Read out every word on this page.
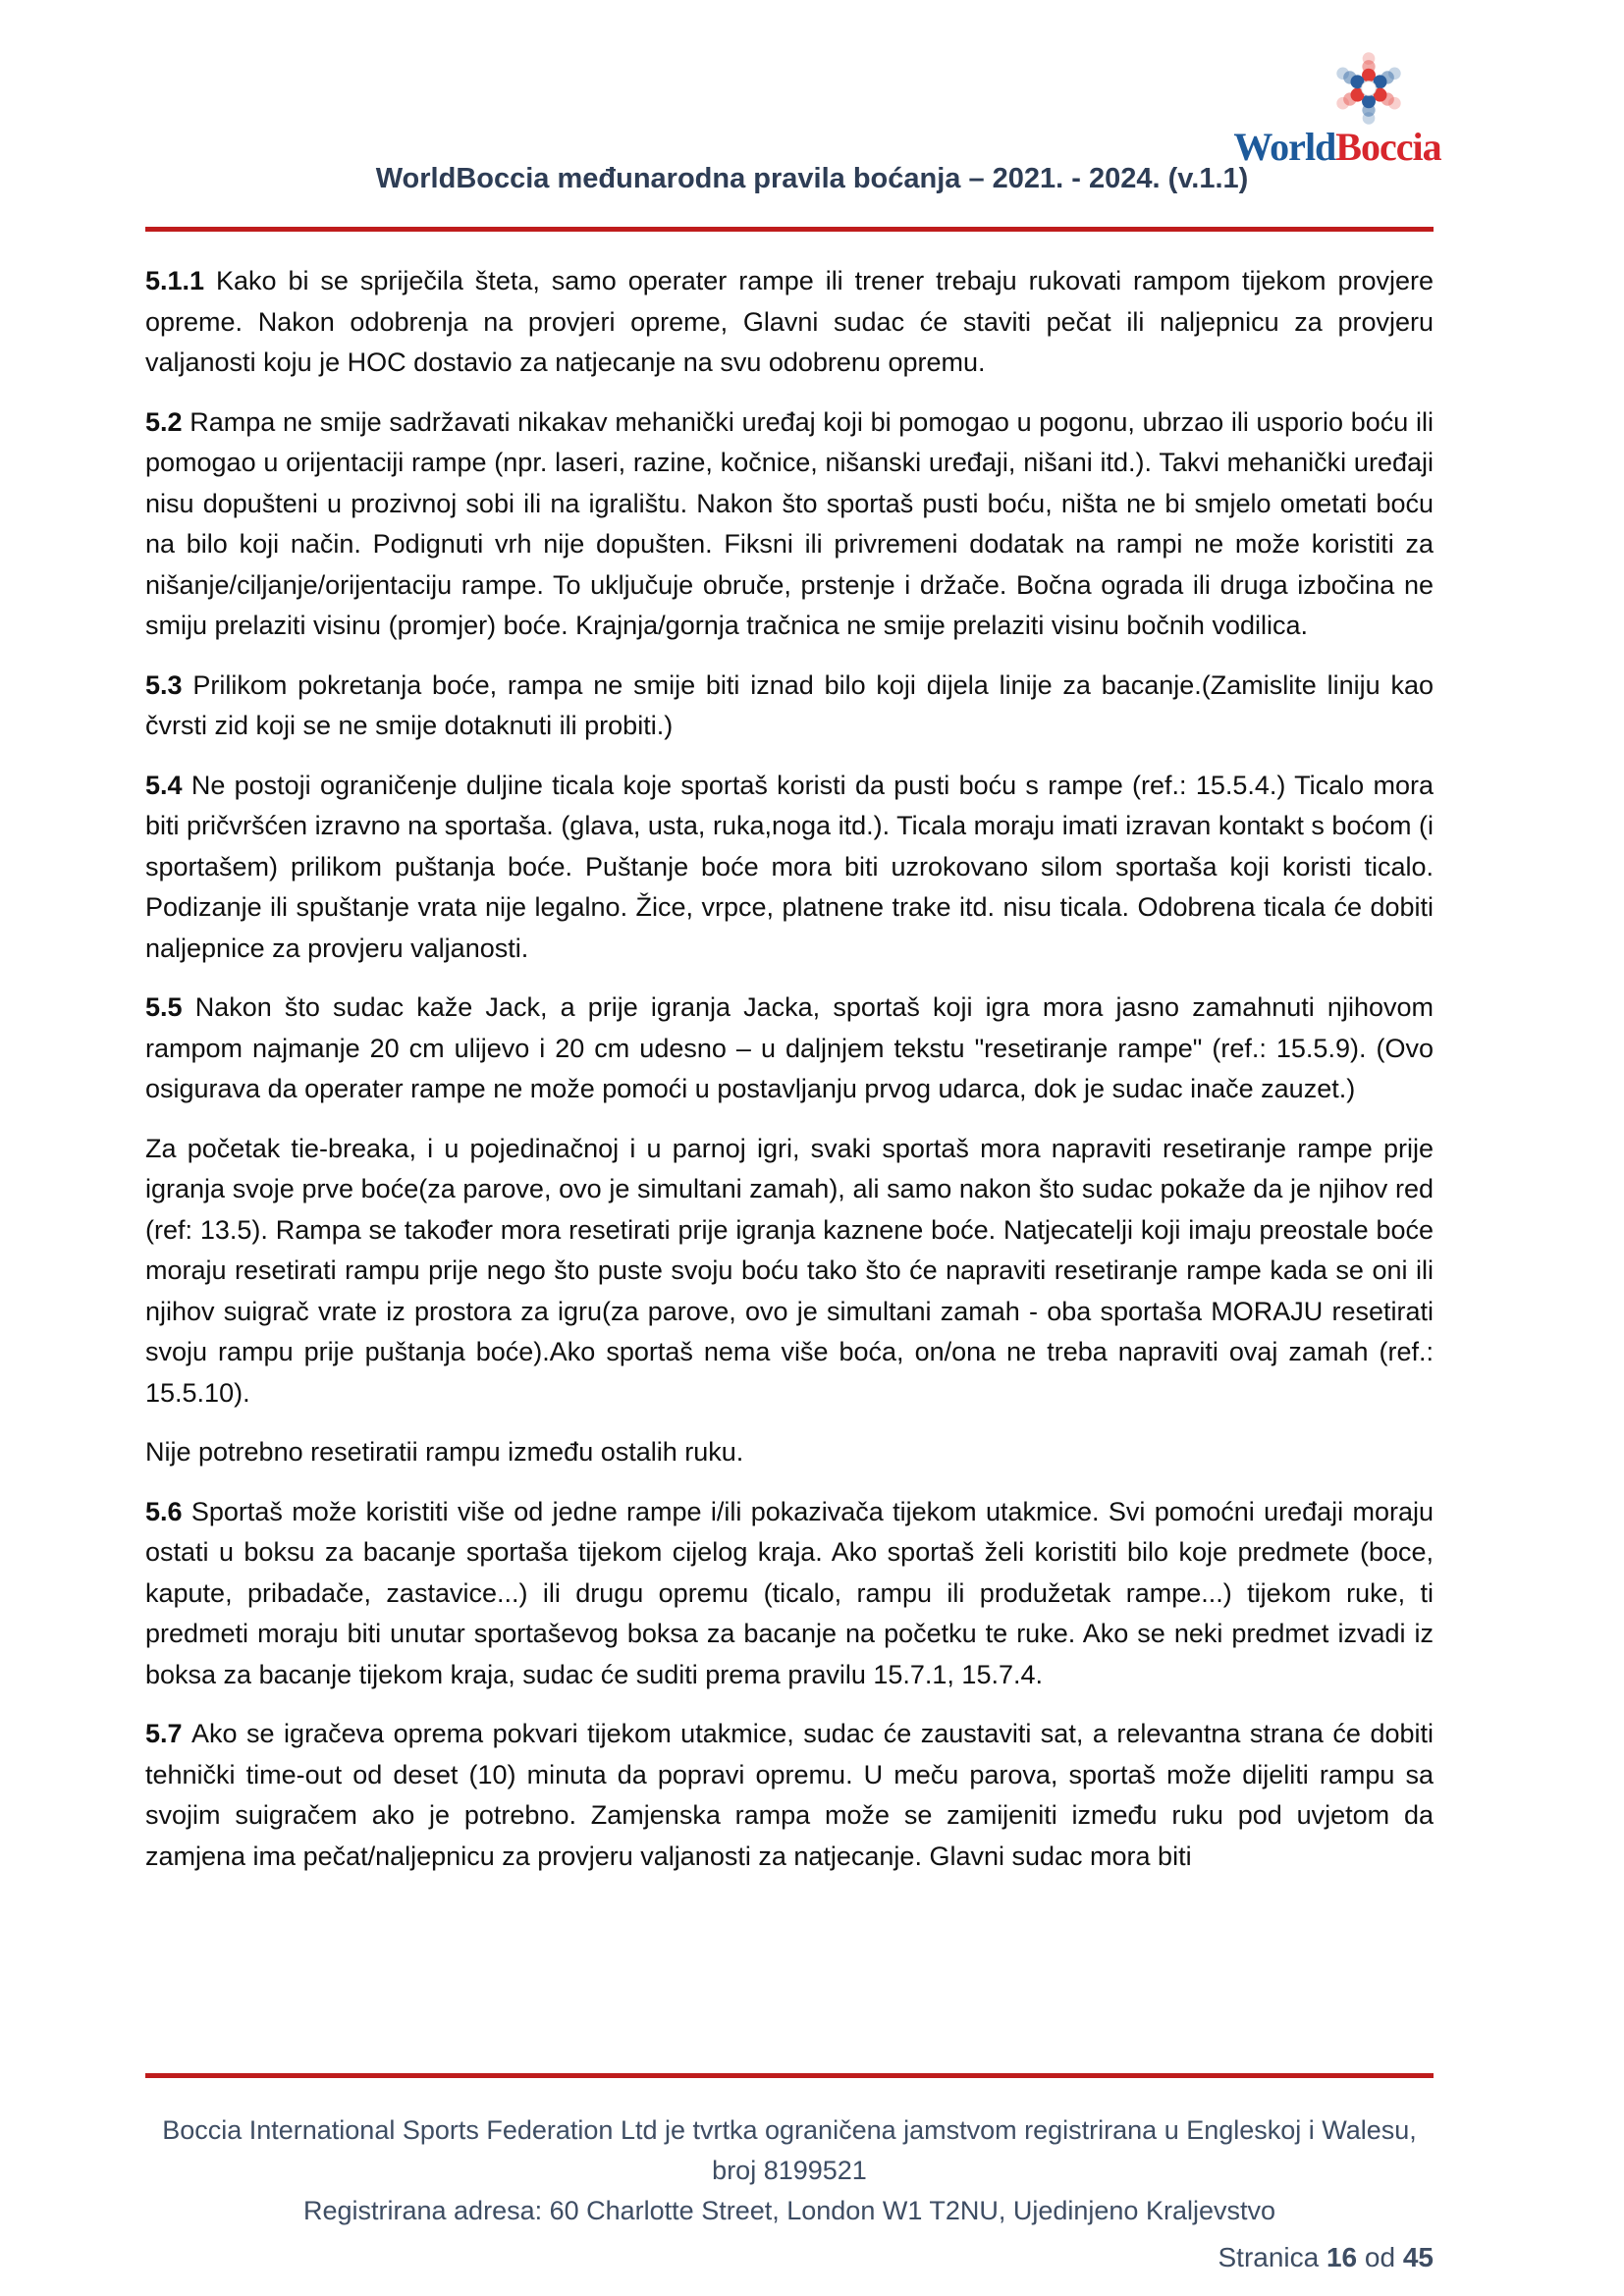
WorldBoccia
WorldBoccia međunarodna pravila boćanja – 2021. - 2024. (v.1.1)

5.1.1 Kako bi se spriječila šteta, samo operater rampe ili trener trebaju rukovati rampom tijekom provjere opreme. Nakon odobrenja na provjeri opreme, Glavni sudac će staviti pečat ili naljepnicu za provjeru valjanosti koju je HOC dostavio za natjecanje na svu odobrenu opremu.

5.2 Rampa ne smije sadržavati nikakav mehanički uređaj koji bi pomogao u pogonu, ubrzao ili usporio boću ili pomogao u orijentaciji rampe (npr. laseri, razine, kočnice, nišanski uređaji, nišani itd.). Takvi mehanički uređaji nisu dopušteni u prozivnoj sobi ili na igralištu. Nakon što sportaš pusti boću, ništa ne bi smjelo ometati boću na bilo koji način. Podignuti vrh nije dopušten. Fiksni ili privremeni dodatak na rampi ne može koristiti za nišanje/ciljanje/orijentaciju rampe. To uključuje obruče, prstenje i držače. Bočna ograda ili druga izbočina ne smiju prelaziti visinu (promjer) boće. Krajnja/gornja tračnica ne smije prelaziti visinu bočnih vodilica.

5.3 Prilikom pokretanja boće, rampa ne smije biti iznad bilo koji dijela linije za bacanje.(Zamislite liniju kao čvrsti zid koji se ne smije dotaknuti ili probiti.)

5.4 Ne postoji ograničenje duljine ticala koje sportaš koristi da pusti boću s rampe (ref.: 15.5.4.) Ticalo mora biti pričvršćen izravno na sportaša. (glava, usta, ruka,noga itd.). Ticala moraju imati izravan kontakt s boćom (i sportašem) prilikom puštanja boće. Puštanje boće mora biti uzrokovano silom sportaša koji koristi ticalo. Podizanje ili spuštanje vrata nije legalno. Žice, vrpce, platnene trake itd. nisu ticala. Odobrena ticala će dobiti naljepnice za provjeru valjanosti.

5.5 Nakon što sudac kaže Jack, a prije igranja Jacka, sportaš koji igra mora jasno zamahnuti njihovom rampom najmanje 20 cm ulijevo i 20 cm udesno – u daljnjem tekstu "resetiranje rampe" (ref.: 15.5.9). (Ovo osigurava da operater rampe ne može pomoći u postavljanju prvog udarca, dok je sudac inače zauzet.)

Za početak tie-breaka, i u pojedinačnoj i u parnoj igri, svaki sportaš mora napraviti resetiranje rampe prije igranja svoje prve boće(za parove, ovo je simultani zamah), ali samo nakon što sudac pokaže da je njihov red (ref: 13.5). Rampa se također mora resetirati prije igranja kaznene boće. Natjecatelji koji imaju preostale boće moraju resetirati rampu prije nego što puste svoju boću tako što će napraviti resetiranje rampe kada se oni ili njihov suigrač vrate iz prostora za igru(za parove, ovo je simultani zamah - oba sportaša MORAJU resetirati svoju rampu prije puštanja boće).Ako sportaš nema više boća, on/ona ne treba napraviti ovaj zamah (ref.: 15.5.10).

Nije potrebno resetiratii rampu između ostalih ruku.

5.6 Sportaš može koristiti više od jedne rampe i/ili pokazivača tijekom utakmice. Svi pomoćni uređaji moraju ostati u boksu za bacanje sportaša tijekom cijelog kraja. Ako sportaš želi koristiti bilo koje predmete (boce, kapute, pribadače, zastavice...) ili drugu opremu (ticalo, rampu ili produžetak rampe...) tijekom ruke, ti predmeti moraju biti unutar sportaševog boksa za bacanje na početku te ruke. Ako se neki predmet izvadi iz boksa za bacanje tijekom kraja, sudac će suditi prema pravilu 15.7.1, 15.7.4.

5.7 Ako se igračeva oprema pokvari tijekom utakmice, sudac će zaustaviti sat, a relevantna strana će dobiti tehnički time-out od deset (10) minuta da popravi opremu. U meču parova, sportaš može dijeliti rampu sa svojim suigračem ako je potrebno. Zamjenska rampa može se zamijeniti između ruku pod uvjetom da zamjena ima pečat/naljepnicu za provjeru valjanosti za natjecanje. Glavni sudac mora biti

Boccia International Sports Federation Ltd je tvrtka ograničena jamstvom registrirana u Engleskoj i Walesu, broj 8199521
Registrirana adresa: 60 Charlotte Street, London W1 T2NU, Ujedinjeno Kraljevstvo
Stranica 16 od 45
